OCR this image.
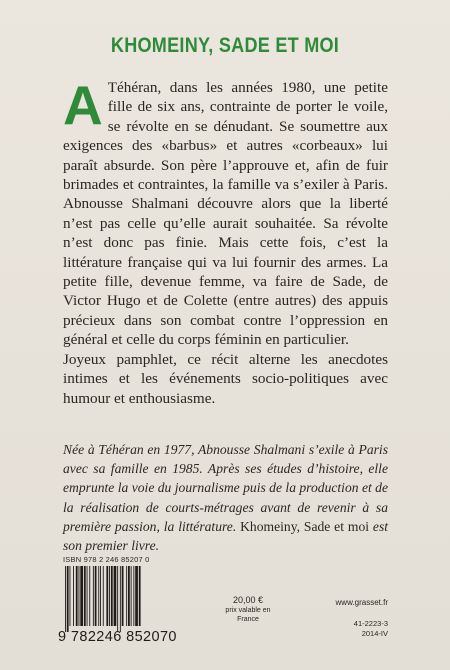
KHOMEINY, SADE ET MOI

A Téhéran, dans les années 1980, une petite fille de six ans, contrainte de porter le voile, se révolte en se dénudant. Se soumettre aux exigences des «barbus» et autres «corbeaux» lui paraît absurde. Son père l’approuve et, afin de fuir brimades et contraintes, la famille va s’exiler à Paris. Abnousse Shalmani découvre alors que la liberté n’est pas celle qu’elle aurait souhaitée. Sa révolte n’est donc pas finie. Mais cette fois, c’est la littérature française qui va lui fournir des armes. La petite fille, devenue femme, va faire de Sade, de Victor Hugo et de Colette (entre autres) des appuis précieux dans son combat contre l’oppression en général et celle du corps féminin en particulier.

Joyeux pamphlet, ce récit alterne les anecdotes intimes et les événements socio-politiques avec humour et enthousiasme.

Née à Téhéran en 1977, Abnousse Shalmani s’exile à Paris avec sa famille en 1985. Après ses études d’histoire, elle emprunte la voie du journalisme puis de la production et de la réalisation de courts-métrages avant de revenir à sa première passion, la littérature. Khomeiny, Sade et moi est son premier livre.
ISBN 978 2 246 85207 0
9 782246 852070
20,00 €
prix valable en
France
www.grasset.fr
41-2223-3
2014-IV
